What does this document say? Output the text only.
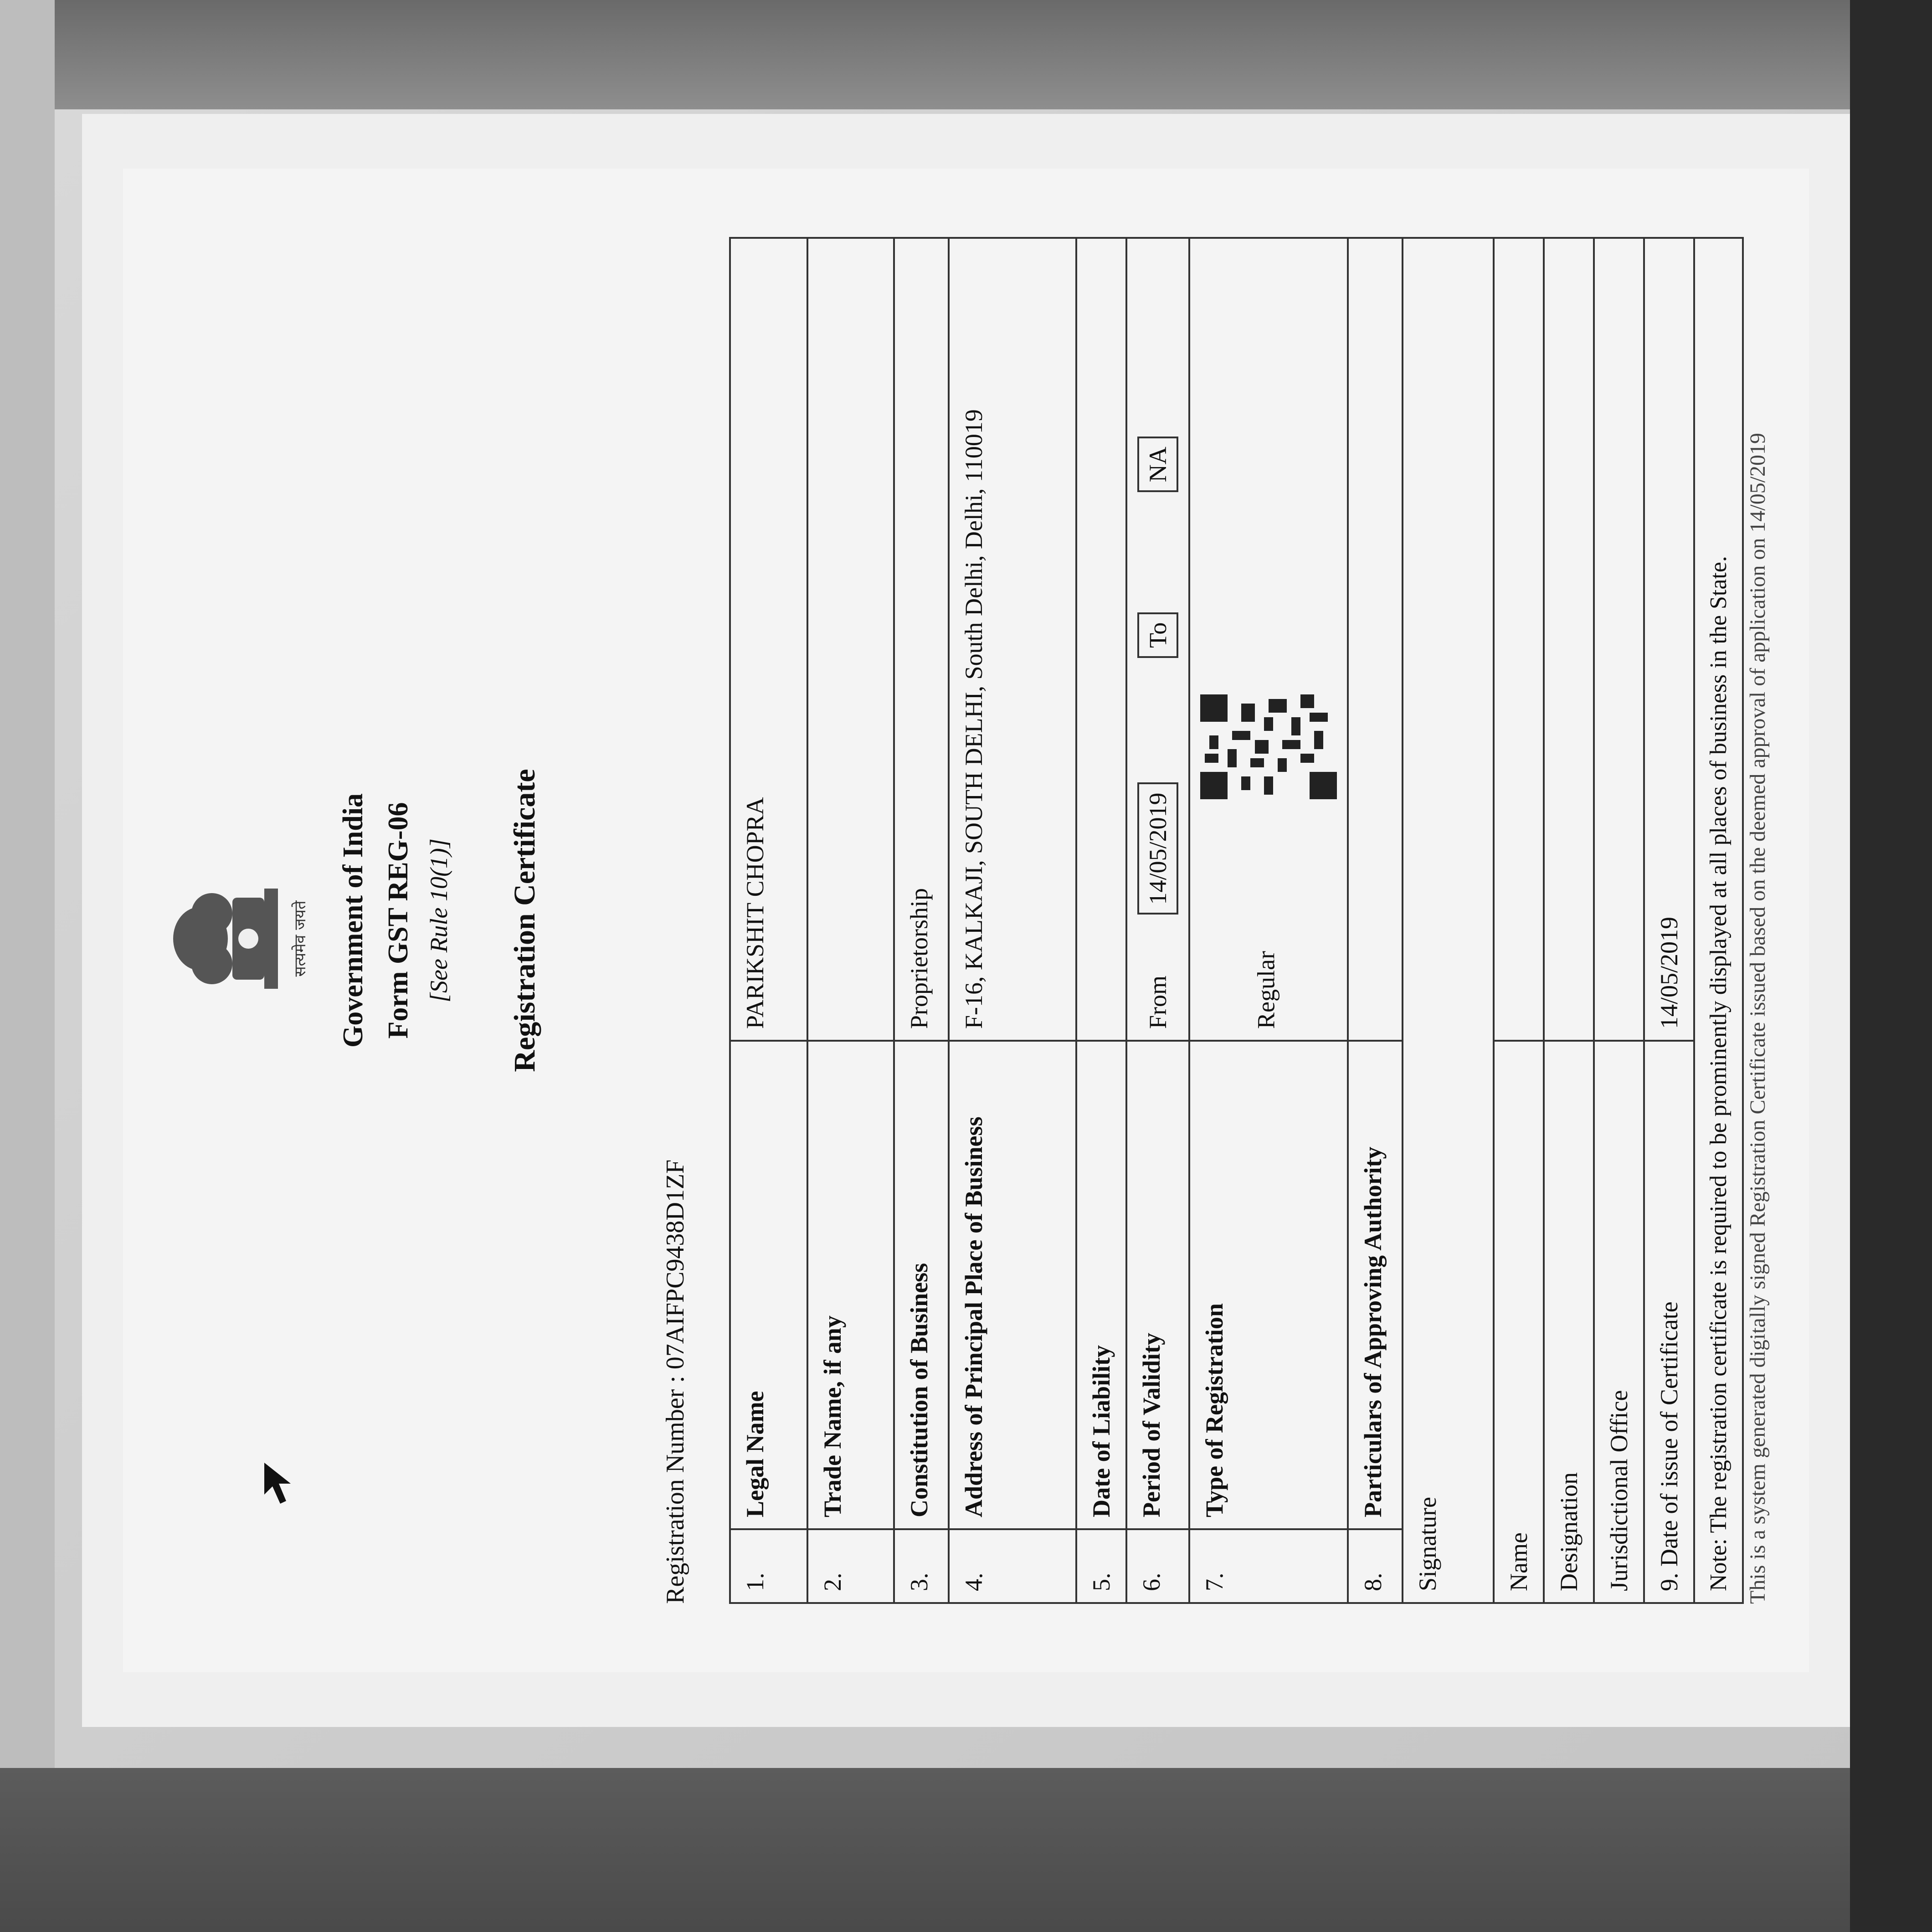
सत्यमेव जयते Government of India Form GST REG-06 [See Rule 10(1)] Registration Certificate
Registration Number : 07AIFPC9438D1ZF 1.	Legal Name	PARIKSHIT CHOPRA
2.	Trade Name, if any	
3.	Constitution of Business	Proprietorship
4.	Address of Principal Place of Business	F-16, KALKAJI, SOUTH DELHI, South Delhi, Delhi, 110019
5.	Date of Liability	
6.	Period of Validity	From 14/05/2019 To NA
7.	Type of Registration	Regular
8.	Particulars of Approving Authority	
Signature		
Name		
Designation		
Jurisdictional Office		
9. Date of issue of Certificate		14/05/2019
Note: The registration certificate is required to be prominently displayed at all places of business in the State.		This is a system generated digitally signed Registration Certificate issued based on the deemed approval of application on 14/05/2019
